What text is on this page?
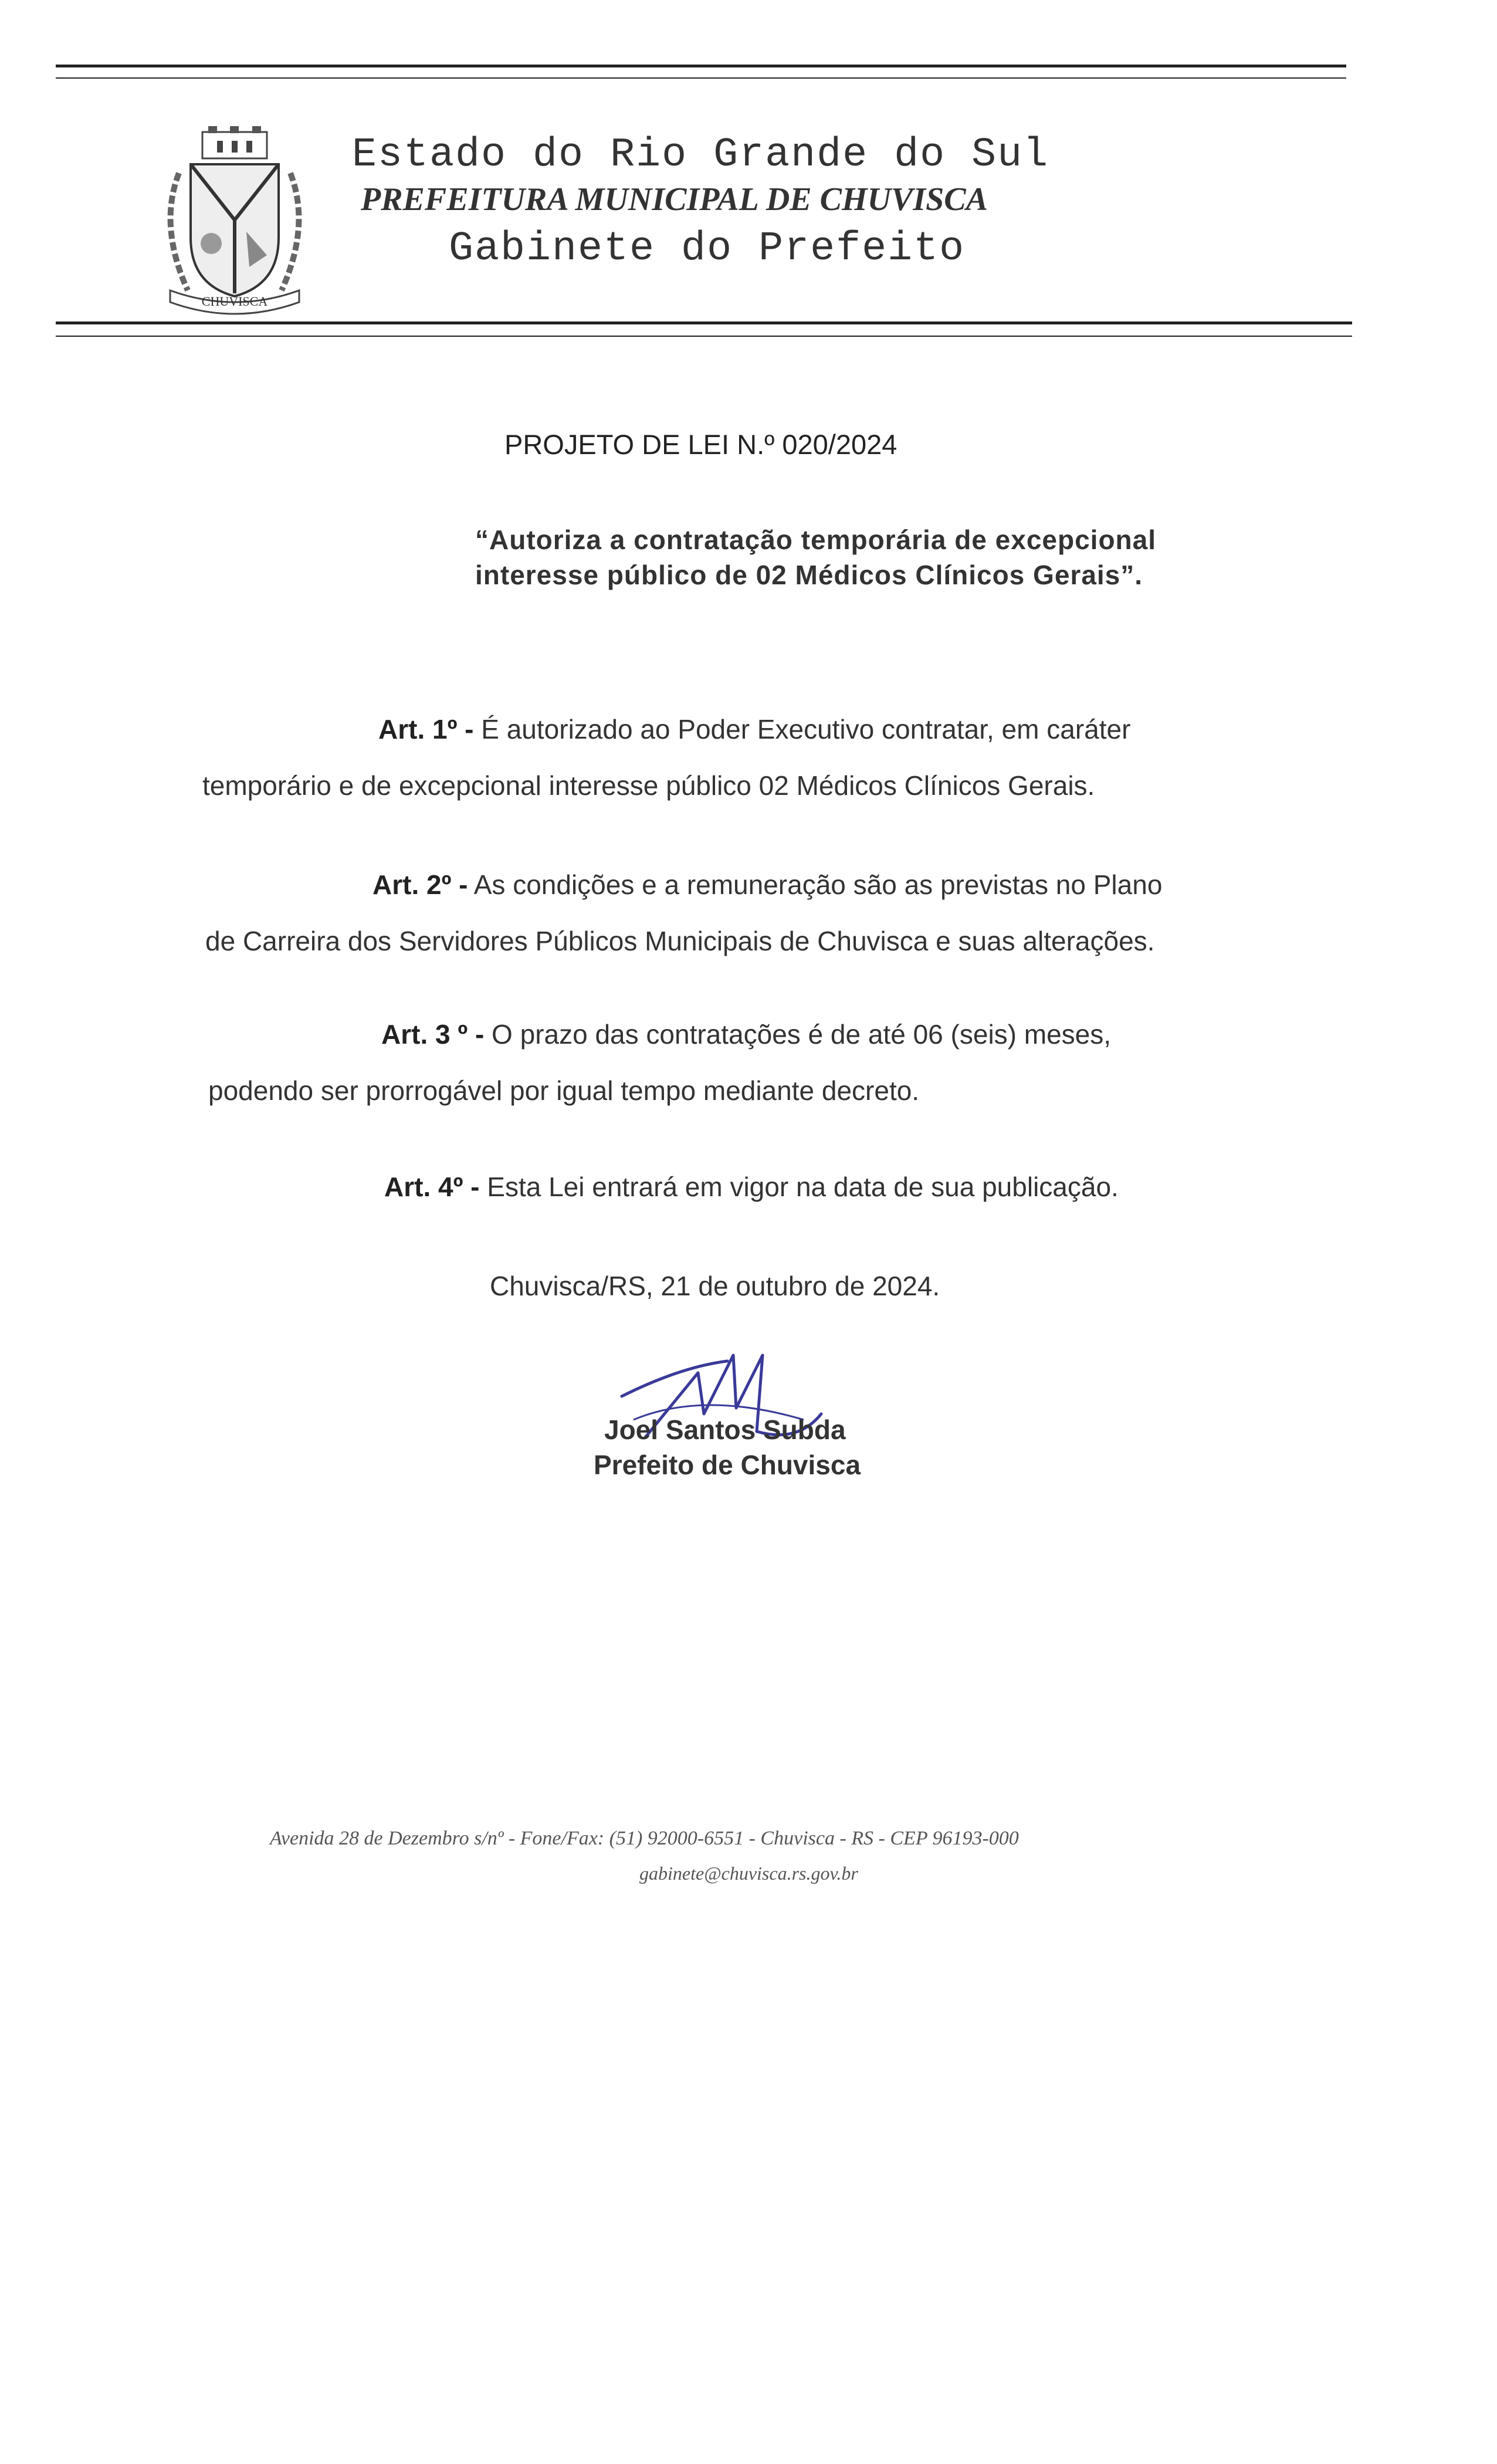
CHUVISCA
Estado do Rio Grande do Sul
PREFEITURA MUNICIPAL DE CHUVISCA
Gabinete do Prefeito
PROJETO DE LEI N.º 020/2024
“Autoriza a contratação temporária de excepcional
interesse público de 02 Médicos Clínicos Gerais”.
Art. 1º - É autorizado ao Poder Executivo contratar, em caráter
temporário e de excepcional interesse público 02 Médicos Clínicos Gerais.
Art. 2º - As condições e a remuneração são as previstas no Plano
de Carreira dos Servidores Públicos Municipais de Chuvisca e suas alterações.
Art. 3 º - O prazo das contratações é de até 06 (seis) meses,
podendo ser prorrogável por igual tempo mediante decreto.
Art. 4º - Esta Lei entrará em vigor na data de sua publicação.
Chuvisca/RS, 21 de outubro de 2024.
Joel Santos Subda
Prefeito de Chuvisca
Avenida 28 de Dezembro s/nº - Fone/Fax: (51) 92000-6551 - Chuvisca - RS - CEP 96193-000
gabinete@chuvisca.rs.gov.br
